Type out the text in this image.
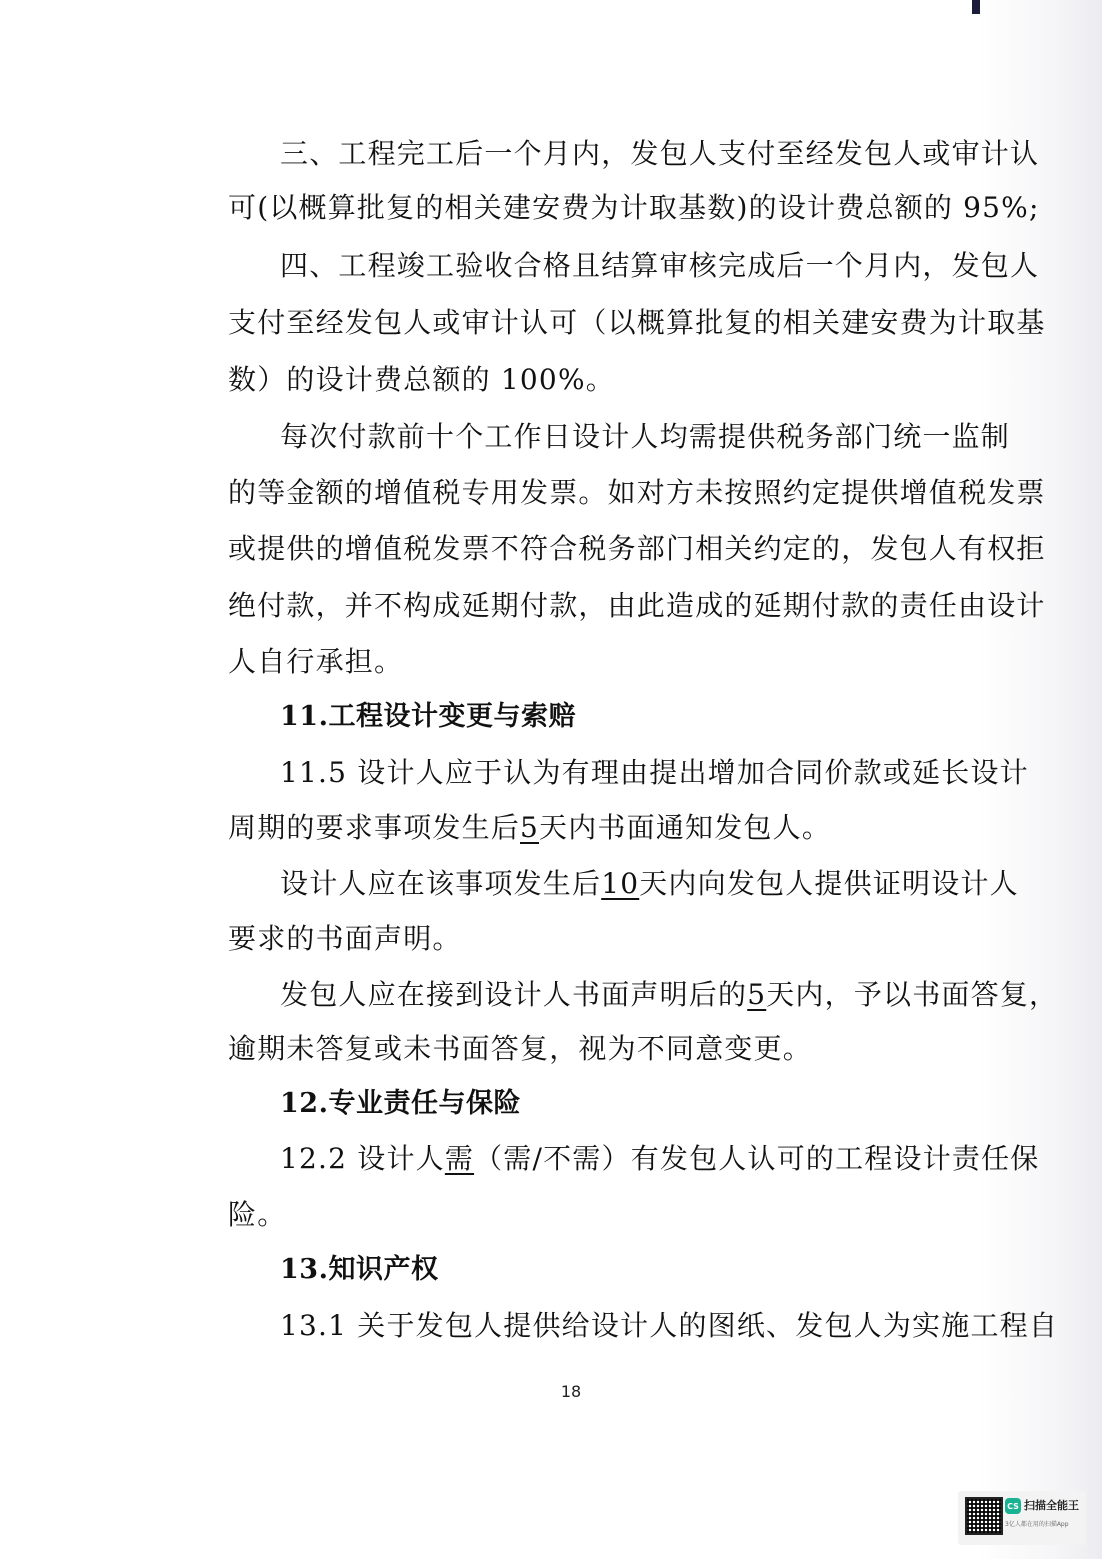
三、工程完工后一个月内，发包人支付至经发包人或审计认

可(以概算批复的相关建安费为计取基数)的设计费总额的 95%;

四、工程竣工验收合格且结算审核完成后一个月内，发包人

支付至经发包人或审计认可（以概算批复的相关建安费为计取基

数）的设计费总额的 100%。

每次付款前十个工作日设计人均需提供税务部门统一监制

的等金额的增值税专用发票。如对方未按照约定提供增值税发票

或提供的增值税发票不符合税务部门相关约定的，发包人有权拒

绝付款，并不构成延期付款，由此造成的延期付款的责任由设计

人自行承担。

11.工程设计变更与索赔

11.5 设计人应于认为有理由提出增加合同价款或延长设计

周期的要求事项发生后5天内书面通知发包人。

设计人应在该事项发生后10天内向发包人提供证明设计人

要求的书面声明。

发包人应在接到设计人书面声明后的5天内，予以书面答复，

逾期未答复或未书面答复，视为不同意变更。

12.专业责任与保险

12.2 设计人需（需/不需）有发包人认可的工程设计责任保

险。

13.知识产权

13.1 关于发包人提供给设计人的图纸、发包人为实施工程自

18
CS 扫描全能王
3亿人都在用的扫描App
